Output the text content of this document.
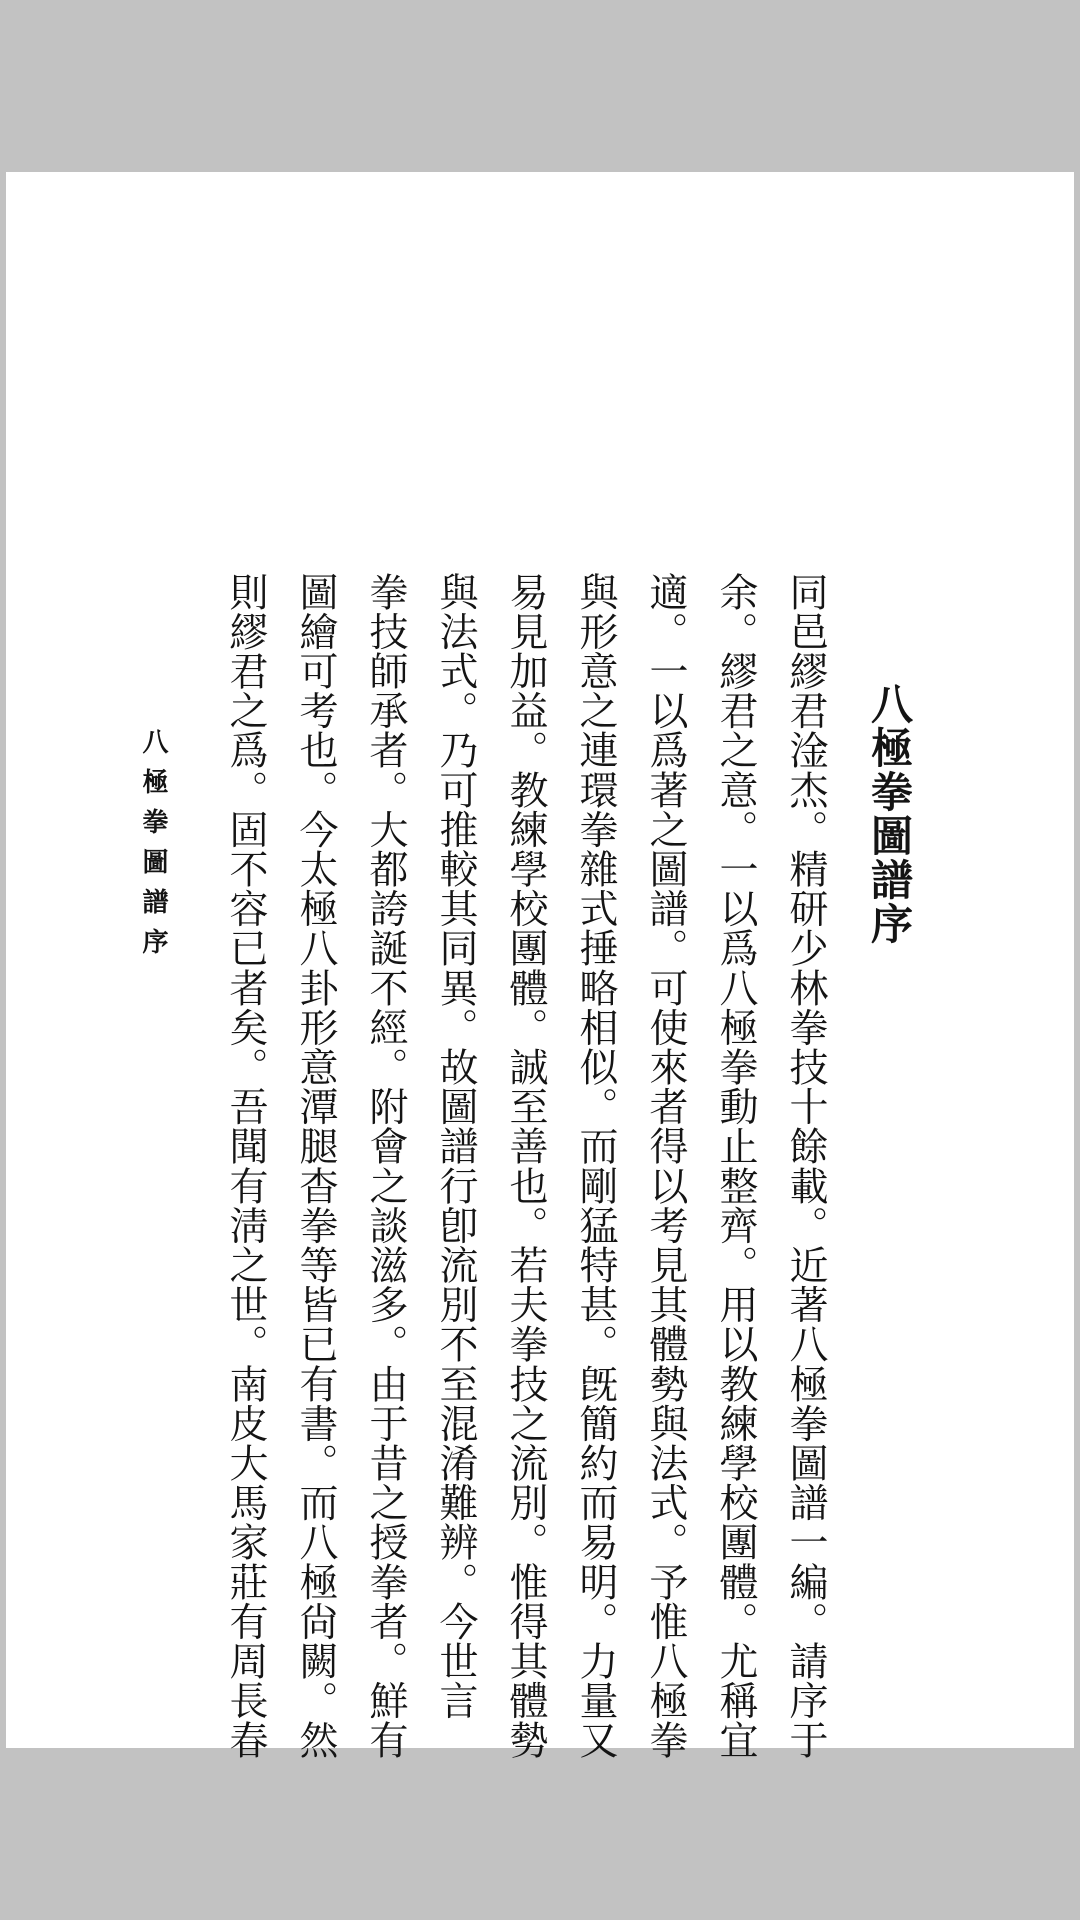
八極拳圖譜序
同邑繆君淦杰。精研少林拳技十餘載。近著八極拳圖譜一編。請序于
余。繆君之意。一以爲八極拳動止整齊。用以教練學校團體。尤稱宜
適。一以爲著之圖譜。可使來者得以考見其體勢與法式。予惟八極拳
與形意之連環拳雜式捶略相似。而剛猛特甚。旣簡約而易明。力量又
易見加益。教練學校團體。誠至善也。若夫拳技之流別。惟得其體勢
與法式。乃可推較其同異。故圖譜行卽流別不至混淆難辨。今世言
拳技師承者。大都誇誕不經。附會之談滋多。由于昔之授拳者。鮮有
圖繪可考也。今太極八卦形意潭腿杳拳等皆已有書。而八極尙闕。然
則繆君之爲。固不容已者矣。吾聞有淸之世。南皮大馬家莊有周長春
八極拳圖譜序
